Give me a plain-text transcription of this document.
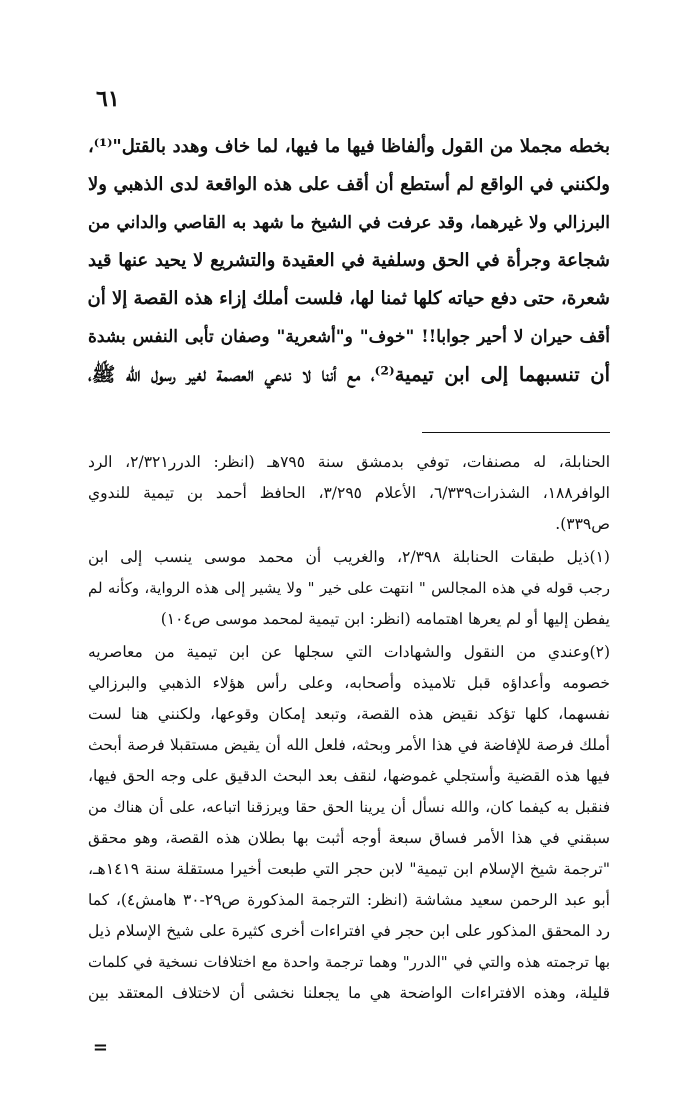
٦١
بخطه مجملا من القول وألفاظا فيها ما فيها، لما خاف وهدد بالقتل"⁽¹⁾،
ولكنني في الواقع لم أستطع أن أقف على هذه الواقعة لدى الذهبي ولا
البرزالي ولا غيرهما، وقد عرفت في الشيخ ما شهد به القاصي والداني من
شجاعة وجرأة في الحق وسلفية في العقيدة والتشريع لا يحيد عنها قيد
شعرة، حتى دفع حياته كلها ثمنا لها، فلست أملك إزاء هذه القصة إلا أن
أقف حيران لا أحير جوابا!! "خوف" و"أشعرية" وصفان تأبى النفس بشدة
أن تنسبهما إلى ابن تيمية⁽²⁾، مع أننا لا ندعي العصمة لغير رسول الله ﷺ،
الحنابلة، له مصنفات، توفي بدمشق سنة ٧٩٥هـ (انظر: الدرر٢/٣٢١، الرد
الوافر١٨٨، الشذرات٦/٣٣٩، الأعلام ٣/٢٩٥، الحافظ أحمد بن تيمية للندوي
ص٣٣٩).
(١)ذيل طبقات الحنابلة ٢/٣٩٨، والغريب أن محمد موسى ينسب إلى ابن
رجب قوله في هذه المجالس " انتهت على خير " ولا يشير إلى هذه الرواية، وكأنه لم
يفطن إليها أو لم يعرها اهتمامه (انظر: ابن تيمية لمحمد موسى ص١٠٤)
(٢)وعندي من النقول والشهادات التي سجلها عن ابن تيمية من معاصريه
خصومه وأعداؤه قبل تلاميذه وأصحابه، وعلى رأس هؤلاء الذهبي والبرزالي
نفسهما، كلها تؤكد نقيض هذه القصة، وتبعد إمكان وقوعها، ولكنني هنا لست
أملك فرصة للإفاضة في هذا الأمر وبحثه، فلعل الله أن يقيض مستقبلا فرصة أبحث
فيها هذه القضية وأستجلي غموضها، لنقف بعد البحث الدقيق على وجه الحق فيها،
فنقبل به كيفما كان، والله نسأل أن يرينا الحق حقا ويرزقنا اتباعه، على أن هناك من
سبقني في هذا الأمر فساق سبعة أوجه أثبت بها بطلان هذه القصة، وهو محقق
"ترجمة شيخ الإسلام ابن تيمية" لابن حجر التي طبعت أخيرا مستقلة سنة ١٤١٩هـ،
أبو عبد الرحمن سعيد مشاشة (انظر: الترجمة المذكورة ص٢٩-٣٠ هامش٤)، كما
رد المحقق المذكور على ابن حجر في افتراءات أخرى كثيرة على شيخ الإسلام ذيل
بها ترجمته هذه والتي في "الدرر" وهما ترجمة واحدة مع اختلافات نسخية في كلمات
قليلة، وهذه الافتراءات الواضحة هي ما يجعلنا نخشى أن لاختلاف المعتقد بين
=
